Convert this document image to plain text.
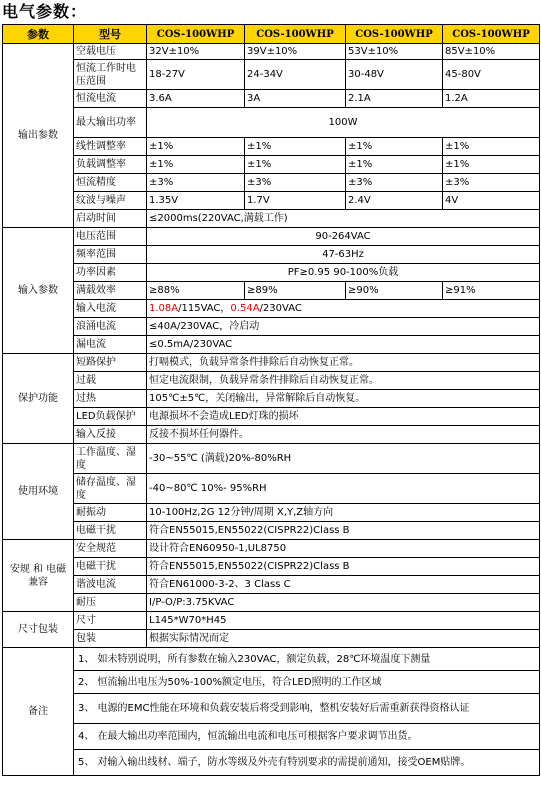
电气参数：
参数	型号	COS-100WHP	COS-100WHP	COS-100WHP	COS-100WHP
输出参数	空载电压	32V±10%	39V±10%	53V±10%	85V±10%
	恒流工作时电压范围	18-27V	24-34V	30-48V	45-80V
	恒流电流	3.6A	3A	2.1A	1.2A
	最大输出功率	100W			
	线性调整率	±1%	±1%	±1%	±1%
	负载调整率	±1%	±1%	±1%	±1%
	恒流精度	±3%	±3%	±3%	±3%
	纹波与噪声	1.35V	1.7V	2.4V	4V
	启动时间	≤2000ms(220VAC,满载工作)			
输入参数	电压范围	90-264VAC			
	频率范围	47-63Hz			
	功率因素	PF≥0.95 90-100%负载			
	满载效率	≥88%	≥89%	≥90%	≥91%
	输入电流	1.08A/115VAC，0.54A/230VAC			
	浪涌电流	≤40A/230VAC，冷启动			
	漏电流	≤0.5mA/230VAC			
保护功能	短路保护	打嗝模式，负载异常条件排除后自动恢复正常。			
	过载	恒定电流限制，负载异常条件排除后自动恢复正常。			
	过热	105℃±5℃，关闭输出，异常解除后自动恢复。			
	LED负载保护	电源损坏不会造成LED灯珠的损坏			
	输入反接	反接不损坏任何器件。			
使用环境	工作温度、湿度	-30~55℃ (满载)20%-80%RH			
	储存温度、湿度	-40~80℃ 10%- 95%RH			
	耐振动	10-100Hz,2G 12分钟/周期 X,Y,Z轴方向			
	电磁干扰	符合EN55015,EN55022(CISPR22)Class B			
安规 和 电磁兼容	安全规范	设计符合EN60950-1,UL8750			
	电磁干扰	符合EN55015,EN55022(CISPR22)Class B			
	谐波电流	符合EN61000-3-2、3 Class C			
	耐压	I/P-O/P:3.75KVAC			
尺寸包装	尺寸	L145*W70*H45			
	包装	根据实际情况而定			
备注	1、 如未特别说明，所有参数在输入230VAC，额定负载，28℃环境温度下测量				
	2、 恒流输出电压为50%-100%额定电压，符合LED照明的工作区域				
	3、 电源的EMC性能在环境和负载安装后将受到影响，整机安装好后需重新获得资格认证				
	4、 在最大输出功率范围内，恒流输出电流和电压可根据客户要求调节出货。				
	5、 对输入输出线材、端子，防水等级及外壳有特别要求的需提前通知，接受OEM贴牌。				
